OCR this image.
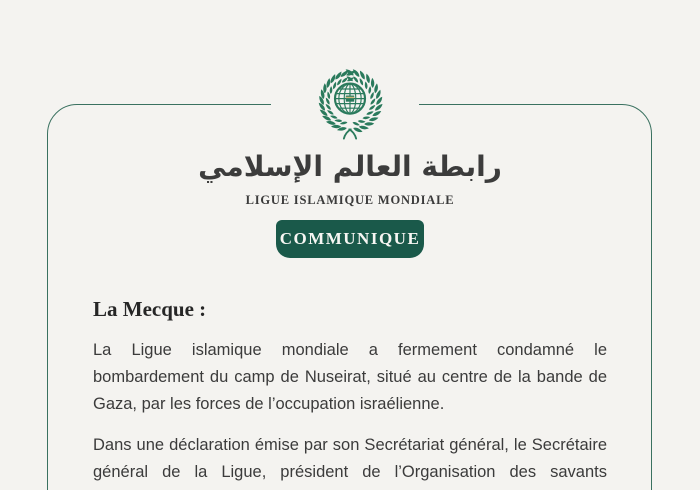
رابطة العالم الإسلامي
LIGUE ISLAMIQUE MONDIALE
COMMUNIQUE
La Mecque :
La Ligue islamique mondiale a fermement condamné le
bombardement du camp de Nuseirat, situé au centre de la bande de
Gaza, par les forces de l’occupation israélienne.
Dans une déclaration émise par son Secrétariat général, le Secrétaire
général de la Ligue, président de l’Organisation des savants
